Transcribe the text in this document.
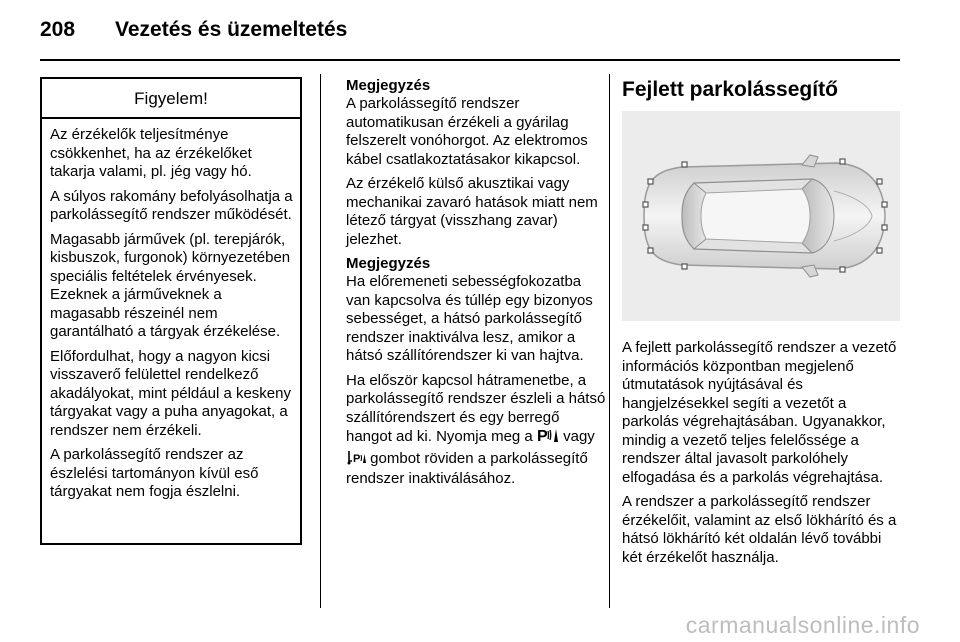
208 Vezetés és üzemeltetés
Figyelem!

Az érzékelők teljesítménye csökkenhet, ha az érzékelőket takarja valami, pl. jég vagy hó.

A súlyos rakomány befolyásolhatja a parkolássegítő rendszer működését.

Magasabb járművek (pl. terepjárók, kisbuszok, furgonok) környezetében speciális feltételek érvényesek. Ezeknek a járműveknek a magasabb részeinél nem garantálható a tárgyak érzékelése.

Előfordulhat, hogy a nagyon kicsi visszaverő felülettel rendelkező akadályokat, mint például a keskeny tárgyakat vagy a puha anyagokat, a rendszer nem érzékeli.

A parkolássegítő rendszer az észlelési tartományon kívül eső tárgyakat nem fogja észlelni.

Megjegyzés

A parkolássegítő rendszer automatikusan érzékeli a gyárilag felszerelt vonóhorgot. Az elektromos kábel csatlakoztatásakor kikapcsol.

Az érzékelő külső akusztikai vagy mechanikai zavaró hatások miatt nem létező tárgyat (visszhang zavar) jelezhet.

Megjegyzés

Ha előremeneti sebességfokozatba van kapcsolva és túllép egy bizonyos sebességet, a hátsó parkolássegítő rendszer inaktiválva lesz, amikor a hátsó szállítórendszer ki van hajtva.

Ha először kapcsol hátramenetbe, a parkolássegítő rendszer észleli a hátsó szállítórendszert és egy berregő hangot ad ki. Nyomja meg a P vagy
P gombot röviden a parkolássegítő rendszer inaktiválásához.

Fejlett parkolássegítő

A fejlett parkolássegítő rendszer a vezető információs központban megjelenő útmutatások nyújtásával és hangjelzésekkel segíti a vezetőt a parkolás végrehajtásában. Ugyanakkor, mindig a vezető teljes felelőssége a rendszer által javasolt parkolóhely elfogadása és a parkolás végrehajtása.

A rendszer a parkolássegítő rendszer érzékelőit, valamint az első lökhárító és a hátsó lökhárító két oldalán lévő további két érzékelőt használja.

carmanualsonline.info
